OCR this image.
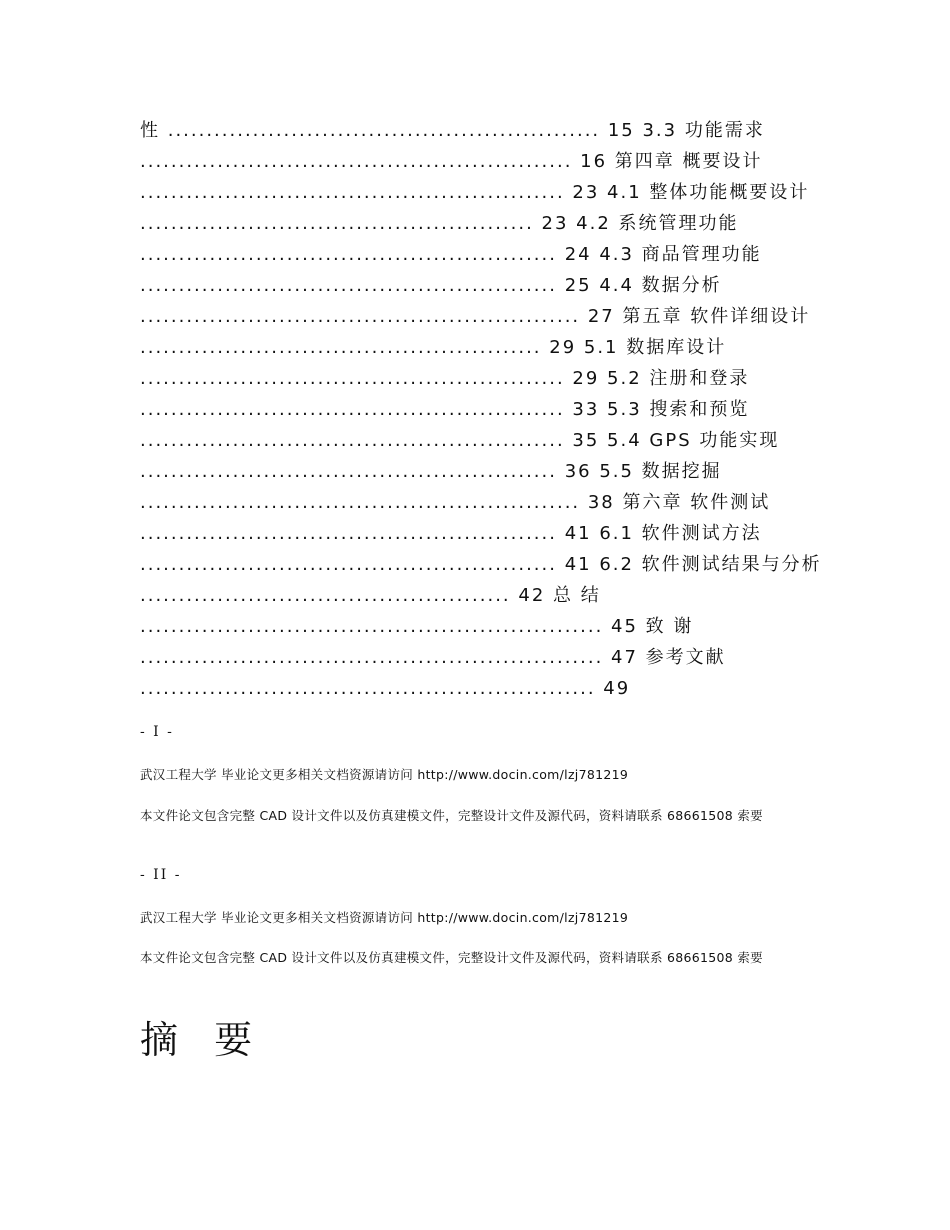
性 ........................................................ 15 3.3 功能需求
........................................................ 16 第四章 概要设计
....................................................... 23 4.1 整体功能概要设计
................................................... 23 4.2 系统管理功能
...................................................... 24 4.3 商品管理功能
...................................................... 25 4.4 数据分析
......................................................... 27 第五章 软件详细设计
.................................................... 29 5.1 数据库设计
....................................................... 29 5.2 注册和登录
....................................................... 33 5.3 搜索和预览
....................................................... 35 5.4 GPS 功能实现
...................................................... 36 5.5 数据挖掘
......................................................... 38 第六章 软件测试
...................................................... 41 6.1 软件测试方法
...................................................... 41 6.2 软件测试结果与分析
................................................ 42 总 结
............................................................ 45 致 谢
............................................................ 47 参考文献
........................................................... 49
- I -
武汉工程大学 毕业论文更多相关文档资源请访问 http://www.docin.com/lzj781219
本文件论文包含完整 CAD 设计文件以及仿真建模文件，完整设计文件及源代码，资料请联系 68661508 索要
- II -
武汉工程大学 毕业论文更多相关文档资源请访问 http://www.docin.com/lzj781219
本文件论文包含完整 CAD 设计文件以及仿真建模文件，完整设计文件及源代码，资料请联系 68661508 索要
摘 要
